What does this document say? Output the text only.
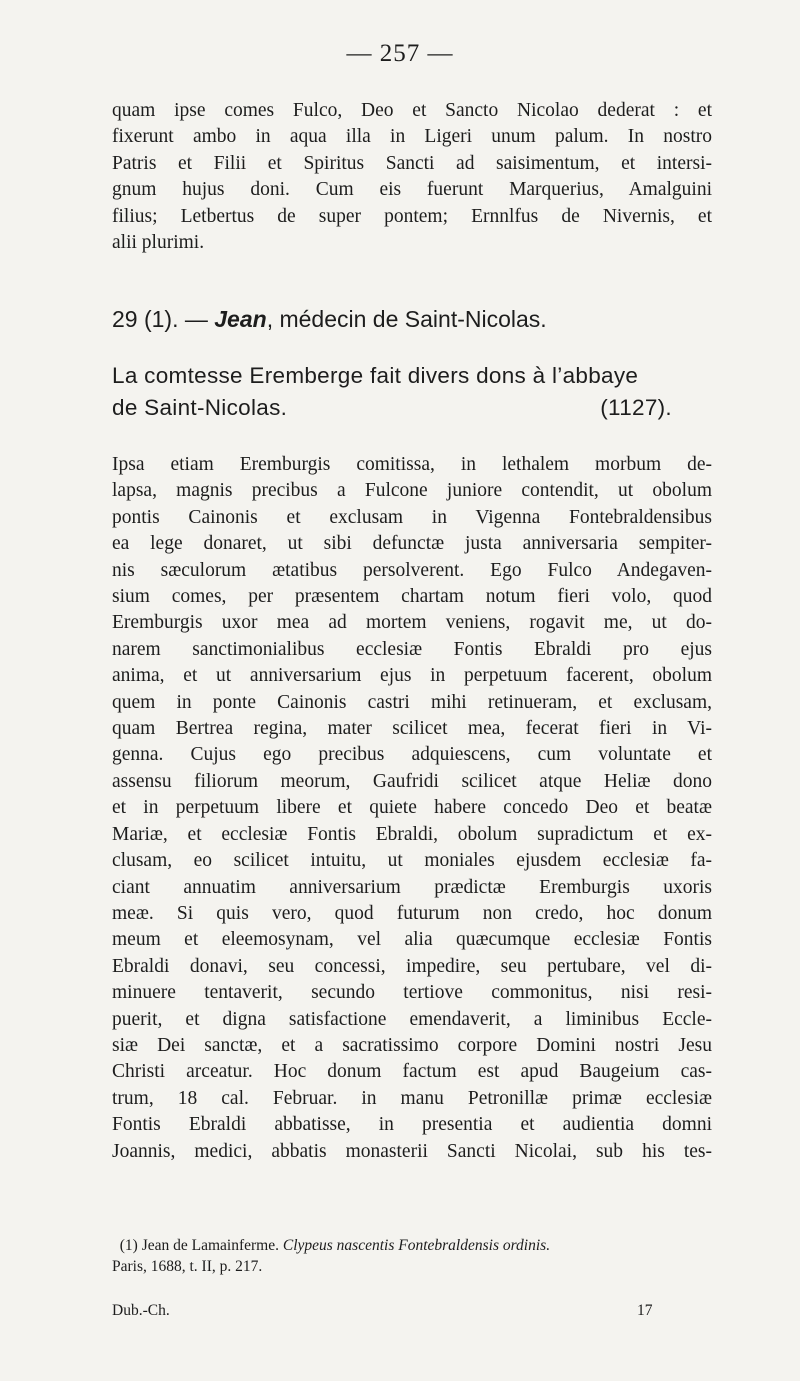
— 257 —
quam ipse comes Fulco, Deo et Sancto Nicolao dederat : et
fixerunt ambo in aqua illa in Ligeri unum palum. In nostro
Patris et Filii et Spiritus Sancti ad saisimentum, et intersi-
gnum hujus doni. Cum eis fuerunt Marquerius, Amalguini
filius; Letbertus de super pontem; Ernnlfus de Nivernis, et
alii plurimi.
29 (1). — Jean, médecin de Saint-Nicolas.
La comtesse Eremberge fait divers dons à l’abbaye
de Saint-Nicolas.	(1127).
Ipsa etiam Eremburgis comitissa, in lethalem morbum de-
lapsa, magnis precibus a Fulcone juniore contendit, ut obolum
pontis Cainonis et exclusam in Vigenna Fontebraldensibus
ea lege donaret, ut sibi defunctæ justa anniversaria sempiter-
nis sæculorum ætatibus persolverent. Ego Fulco Andegaven-
sium comes, per præsentem chartam notum fieri volo, quod
Eremburgis uxor mea ad mortem veniens, rogavit me, ut do-
narem sanctimonialibus ecclesiæ Fontis Ebraldi pro ejus
anima, et ut anniversarium ejus in perpetuum facerent, obolum
quem in ponte Cainonis castri mihi retinueram, et exclusam,
quam Bertrea regina, mater scilicet mea, fecerat fieri in Vi-
genna. Cujus ego precibus adquiescens, cum voluntate et
assensu filiorum meorum, Gaufridi scilicet atque Heliæ dono
et in perpetuum libere et quiete habere concedo Deo et beatæ
Mariæ, et ecclesiæ Fontis Ebraldi, obolum supradictum et ex-
clusam, eo scilicet intuitu, ut moniales ejusdem ecclesiæ fa-
ciant annuatim anniversarium prædictæ Eremburgis uxoris
meæ. Si quis vero, quod futurum non credo, hoc donum
meum et eleemosynam, vel alia quæcumque ecclesiæ Fontis
Ebraldi donavi, seu concessi, impedire, seu pertubare, vel di-
minuere tentaverit, secundo tertiove commonitus, nisi resi-
puerit, et digna satisfactione emendaverit, a liminibus Eccle-
siæ Dei sanctæ, et a sacratissimo corpore Domini nostri Jesu
Christi arceatur. Hoc donum factum est apud Baugeium cas-
trum, 18 cal. Februar. in manu Petronillæ primæ ecclesiæ
Fontis Ebraldi abbatisse, in presentia et audientia domni
Joannis, medici, abbatis monasterii Sancti Nicolai, sub his tes-

(1) Jean de Lamainferme. Clypeus nascentis Fontebraldensis ordinis.
Paris, 1688, t. II, p. 217.

Dub.-Ch.	17
